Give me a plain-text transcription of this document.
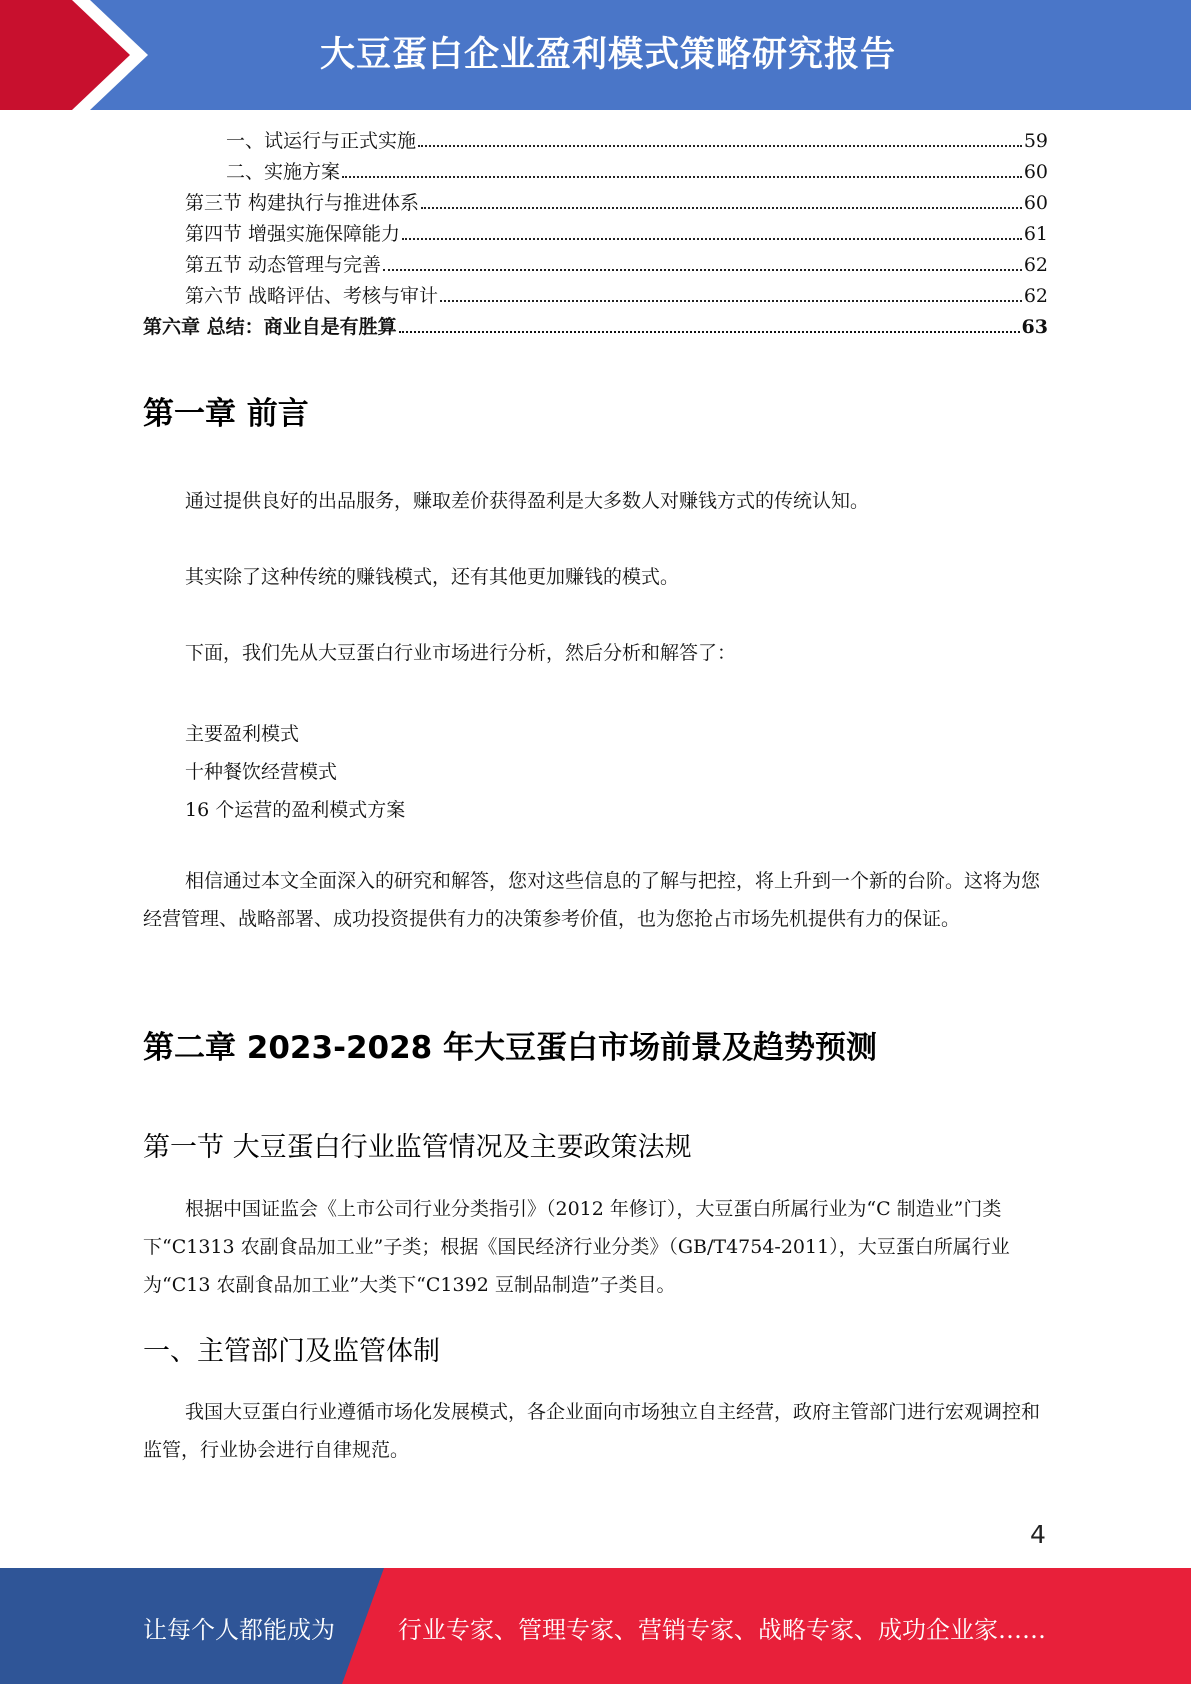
大豆蛋白企业盈利模式策略研究报告
一、试运行与正式实施	59
二、实施方案	60
第三节 构建执行与推进体系	60
第四节 增强实施保障能力	61
第五节 动态管理与完善	62
第六节 战略评估、考核与审计	62
第六章 总结：商业自是有胜算	63
第一章 前言
通过提供良好的出品服务，赚取差价获得盈利是大多数人对赚钱方式的传统认知。
其实除了这种传统的赚钱模式，还有其他更加赚钱的模式。
下面，我们先从大豆蛋白行业市场进行分析，然后分析和解答了：
主要盈利模式
十种餐饮经营模式
16 个运营的盈利模式方案
相信通过本文全面深入的研究和解答，您对这些信息的了解与把控，将上升到一个新的台阶。这将为您经营管理、战略部署、成功投资提供有力的决策参考价值，也为您抢占市场先机提供有力的保证。
第二章 2023-2028 年大豆蛋白市场前景及趋势预测
第一节 大豆蛋白行业监管情况及主要政策法规
根据中国证监会《上市公司行业分类指引》（2012 年修订），大豆蛋白所属行业为“C 制造业”门类下“C1313 农副食品加工业”子类；根据《国民经济行业分类》（GB/T4754-2011），大豆蛋白所属行业为“C13 农副食品加工业”大类下“C1392 豆制品制造”子类目。
一、主管部门及监管体制
我国大豆蛋白行业遵循市场化发展模式，各企业面向市场独立自主经营，政府主管部门进行宏观调控和监管，行业协会进行自律规范。
4
让每个人都能成为	行业专家、管理专家、营销专家、战略专家、成功企业家……
